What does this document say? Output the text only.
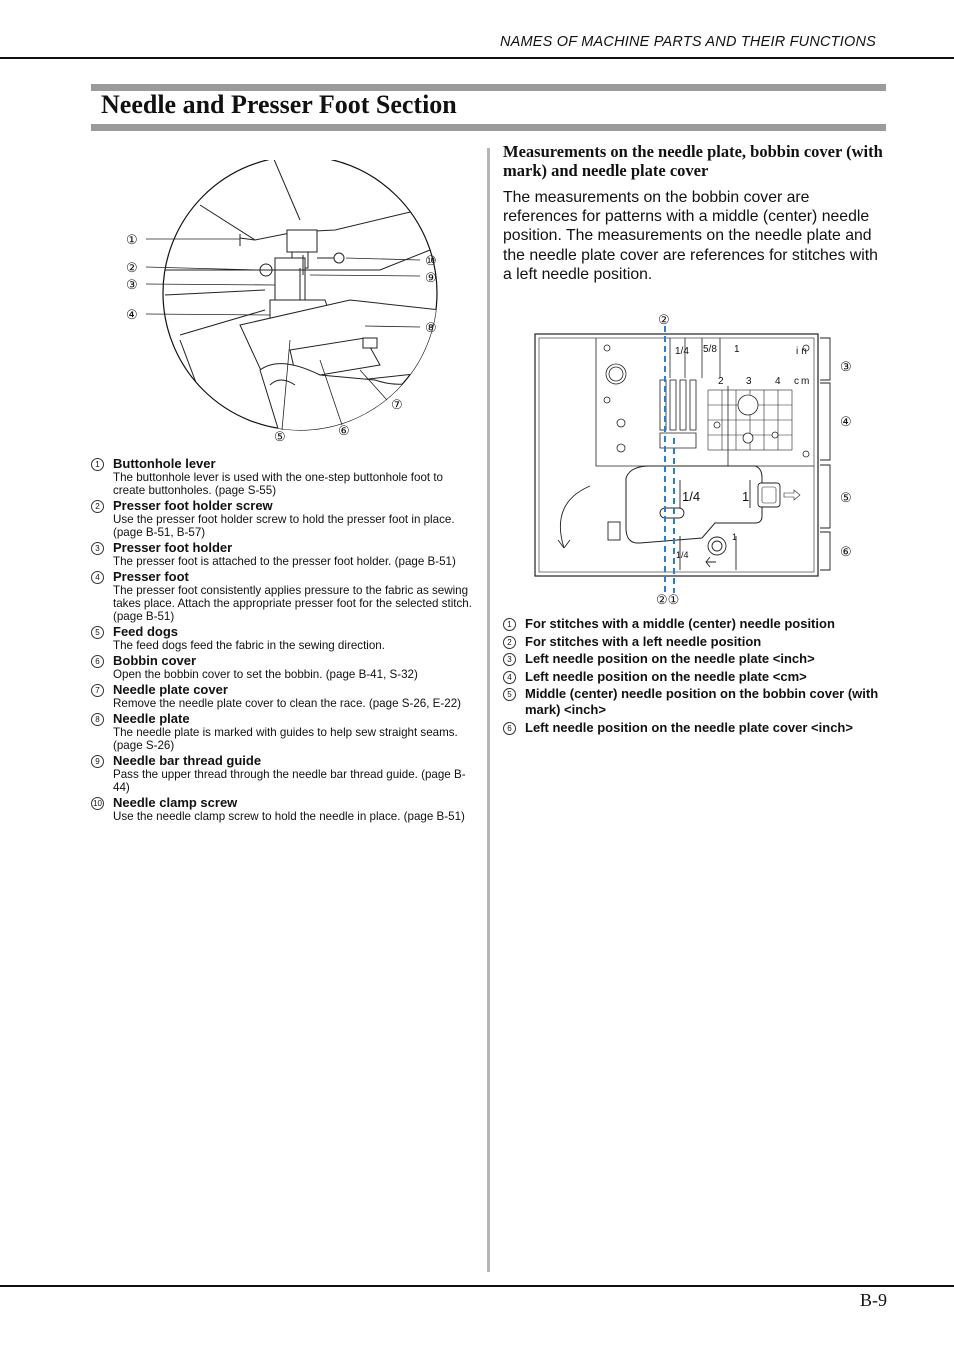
NAMES OF MACHINE PARTS AND THEIR FUNCTIONS
Needle and Presser Foot Section
①
②
③
④
⑤	⑥
⑦
⑧
⑨
⑩
1	Buttonhole lever
The buttonhole lever is used with the one-step buttonhole foot to create buttonholes. (page S-55)
2	Presser foot holder screw
Use the presser foot holder screw to hold the presser foot in place. (page B-51, B-57)
3	Presser foot holder
The presser foot is attached to the presser foot holder. (page B-51)
4	Presser foot
The presser foot consistently applies pressure to the fabric as sewing takes place. Attach the appropriate presser foot for the selected stitch. (page B-51)
5	Feed dogs
The feed dogs feed the fabric in the sewing direction.
6	Bobbin cover
Open the bobbin cover to set the bobbin. (page B-41, S-32)
7	Needle plate cover
Remove the needle plate cover to clean the race. (page S-26, E-22)
8	Needle plate
The needle plate is marked with guides to help sew straight seams. (page S-26)
9	Needle bar thread guide
Pass the upper thread through the needle bar thread guide. (page B-44)
10 Needle clamp screw
Use the needle clamp screw to hold the needle in place. (page B-51)
Measurements on the needle plate, bobbin cover (with mark) and needle plate cover
The measurements on the bobbin cover are references for patterns with a middle (center) needle position. The measurements on the needle plate and the needle plate cover are references for stitches with a left needle position.
1/4 5/8 1	in
2 3 4 cm
1/4	1
1/4
1
②
②①
③
④
⑤
⑥
1	For stitches with a middle (center) needle position
2	For stitches with a left needle position
3	Left needle position on the needle plate <inch>
4	Left needle position on the needle plate <cm>
5	Middle (center) needle position on the bobbin cover (with mark) <inch>
6	Left needle position on the needle plate cover <inch>
B-9
